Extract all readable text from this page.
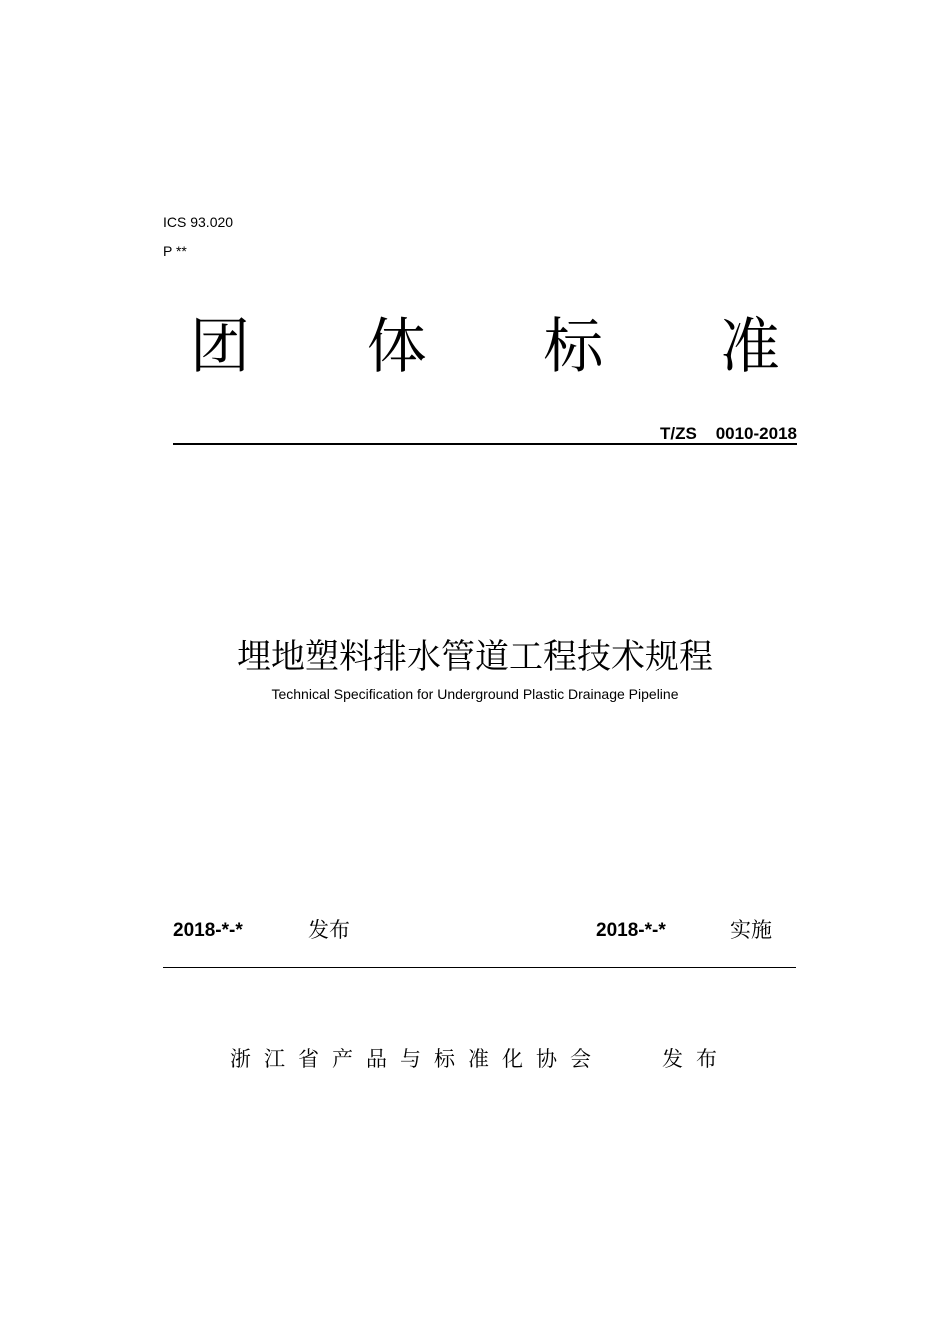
ICS 93.020
P **
团 体 标 准
T/ZS    0010-2018
埋地塑料排水管道工程技术规程
Technical Specification for Underground Plastic Drainage Pipeline
2018-*-*	发布	2018-*-*	实施
浙江省产品与标准化协会	发布
